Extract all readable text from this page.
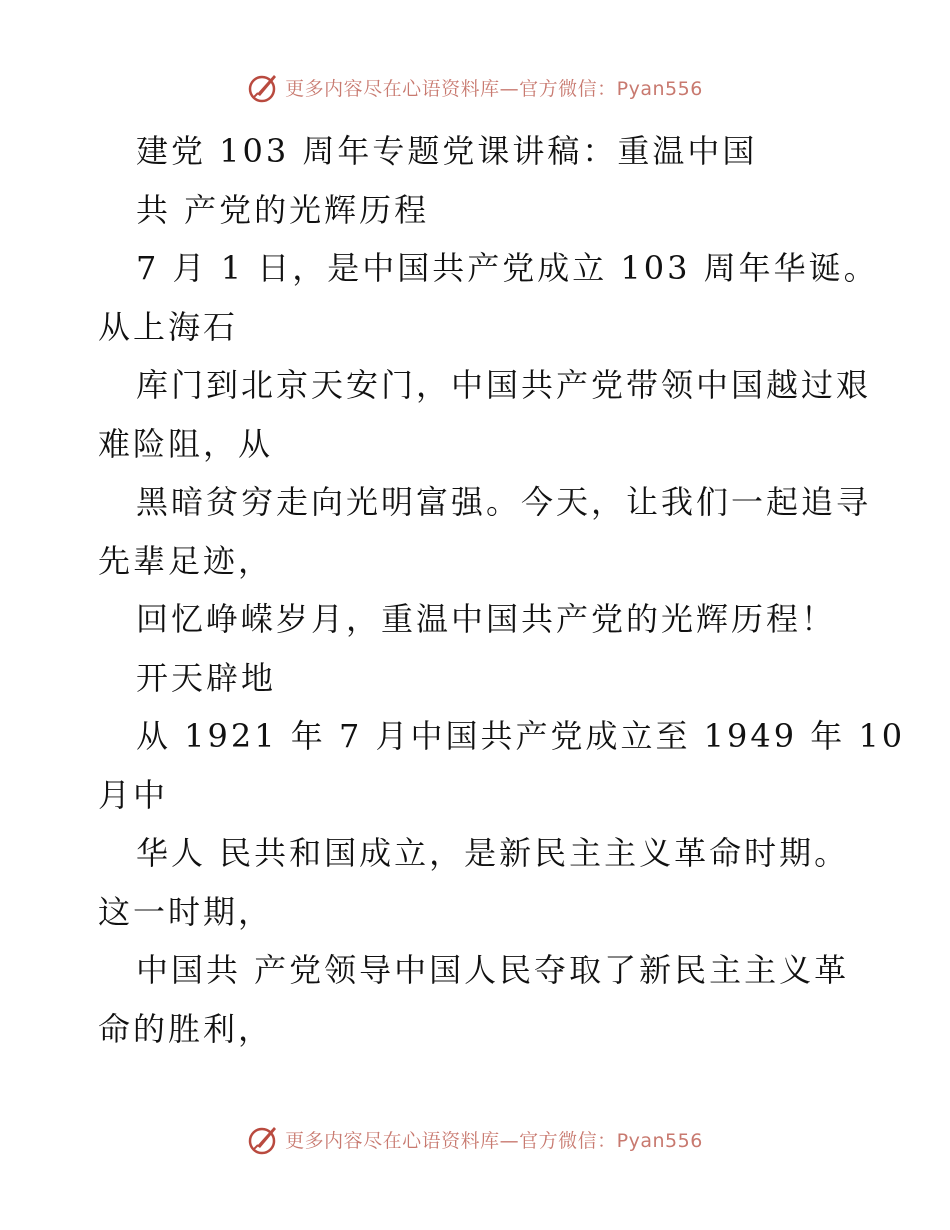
更多内容尽在心语资料库—官方微信：Pyan556
建党 103 周年专题党课讲稿：重温中国
共 产党的光辉历程
7 月 1 日，是中国共产党成立 103 周年华诞。
从上海石
库门到北京天安门，中国共产党带领中国越过艰
难险阻，从
黑暗贫穷走向光明富强。今天，让我们一起追寻
先辈足迹，
回忆峥嵘岁月，重温中国共产党的光辉历程！
开天辟地
从 1921 年 7 月中国共产党成立至 1949 年 10
月中
华人 民共和国成立，是新民主主义革命时期。
这一时期，
中国共 产党领导中国人民夺取了新民主主义革
命的胜利，
更多内容尽在心语资料库—官方微信：Pyan556
